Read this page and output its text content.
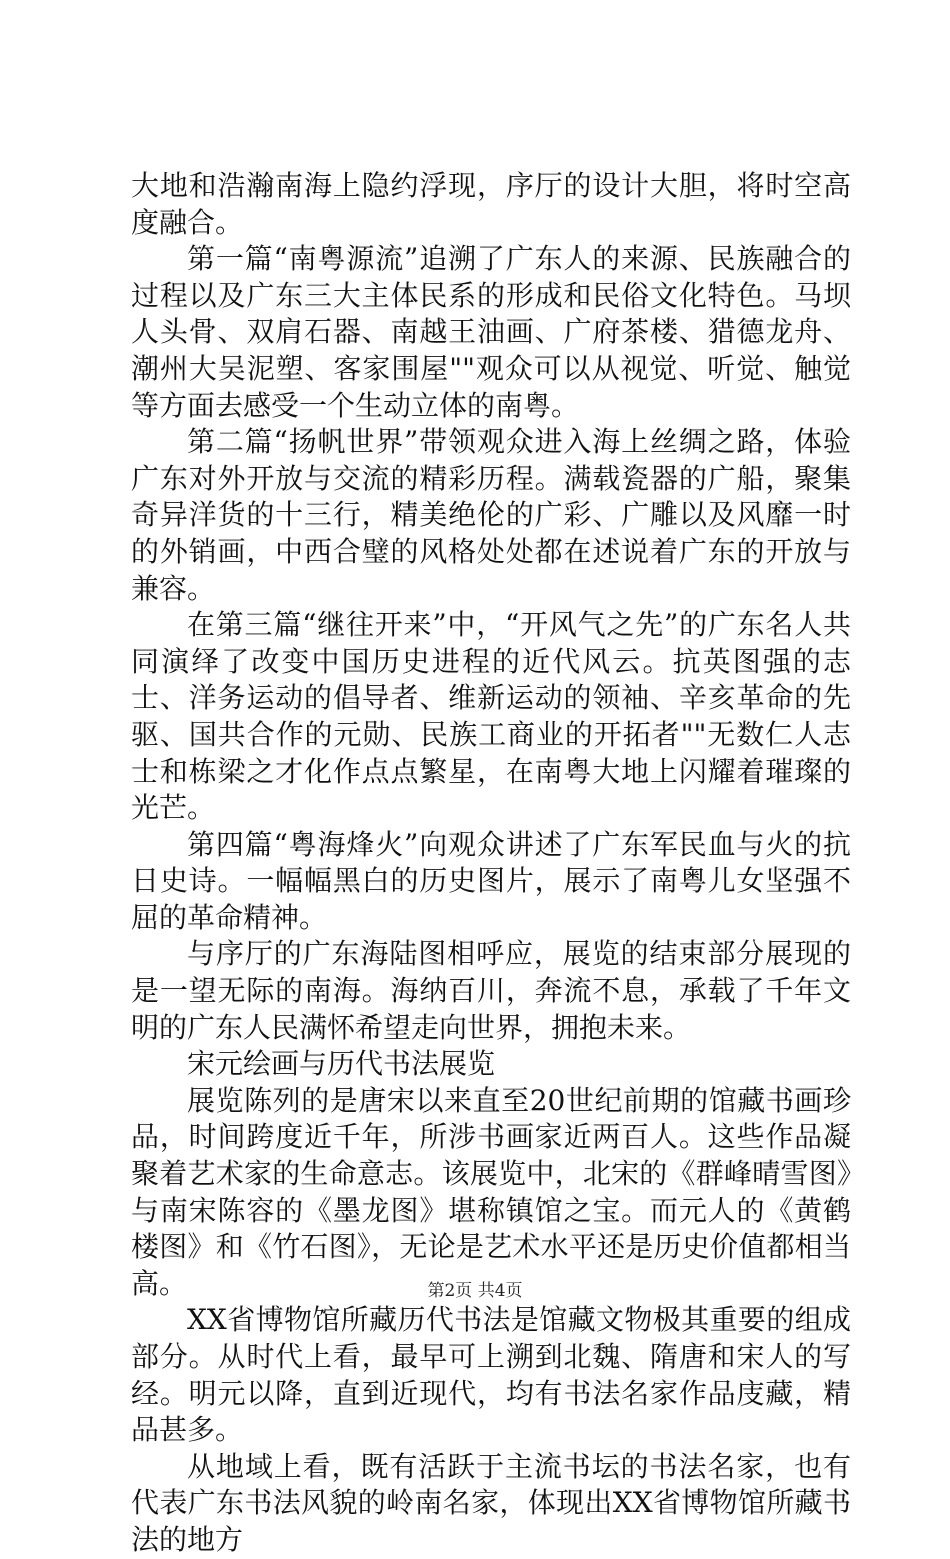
大地和浩瀚南海上隐约浮现，序厅的设计大胆，将时空高度融合。

第一篇“南粤源流”追溯了广东人的来源、民族融合的过程以及广东三大主体民系的形成和民俗文化特色。马坝人头骨、双肩石器、南越王油画、广府茶楼、猎德龙舟、潮州大吴泥塑、客家围屋""观众可以从视觉、听觉、触觉等方面去感受一个生动立体的南粤。

第二篇“扬帆世界”带领观众进入海上丝绸之路，体验广东对外开放与交流的精彩历程。满载瓷器的广船，聚集奇异洋货的十三行，精美绝伦的广彩、广雕以及风靡一时的外销画，中西合璧的风格处处都在述说着广东的开放与兼容。

在第三篇“继往开来”中，“开风气之先”的广东名人共同演绎了改变中国历史进程的近代风云。抗英图强的志士、洋务运动的倡导者、维新运动的领袖、辛亥革命的先驱、国共合作的元勋、民族工商业的开拓者""无数仁人志士和栋梁之才化作点点繁星，在南粤大地上闪耀着璀璨的光芒。

第四篇“粤海烽火”向观众讲述了广东军民血与火的抗日史诗。一幅幅黑白的历史图片，展示了南粤儿女坚强不屈的革命精神。

与序厅的广东海陆图相呼应，展览的结束部分展现的是一望无际的南海。海纳百川，奔流不息，承载了千年文明的广东人民满怀希望走向世界，拥抱未来。

宋元绘画与历代书法展览

展览陈列的是唐宋以来直至20世纪前期的馆藏书画珍品，时间跨度近千年，所涉书画家近两百人。这些作品凝聚着艺术家的生命意志。该展览中，北宋的《群峰晴雪图》与南宋陈容的《墨龙图》堪称镇馆之宝。而元人的《黄鹤楼图》和《竹石图》，无论是艺术水平还是历史价值都相当高。

XX省博物馆所藏历代书法是馆藏文物极其重要的组成部分。从时代上看，最早可上溯到北魏、隋唐和宋人的写经。明元以降，直到近现代，均有书法名家作品庋藏，精品甚多。

从地域上看，既有活跃于主流书坛的书法名家，也有代表广东书法风貌的岭南名家，体现出XX省博物馆所藏书法的地方

第2页 共4页
